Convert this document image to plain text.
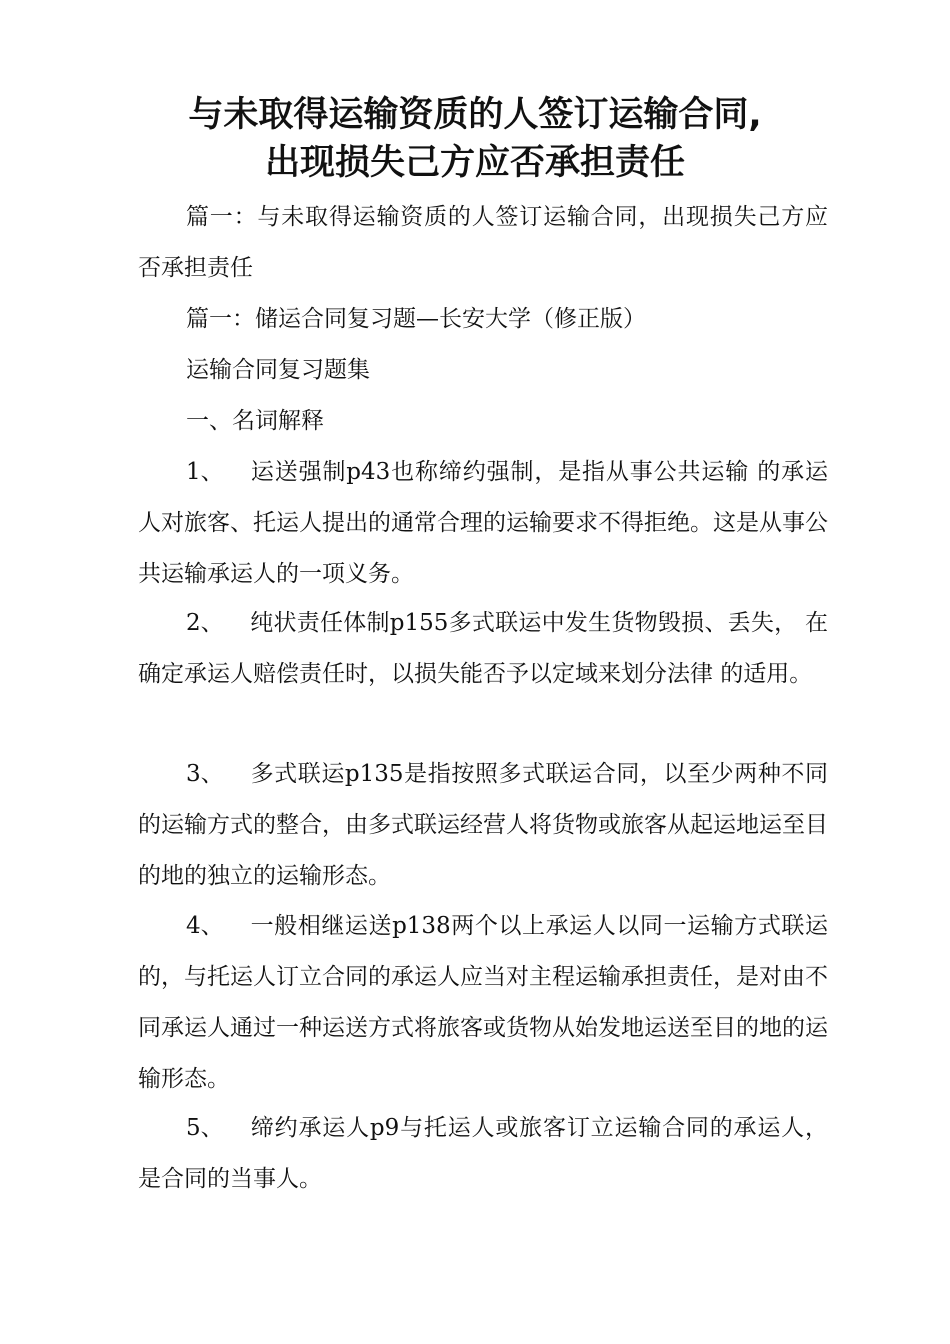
与未取得运输资质的人签订运输合同,
出现损失己方应否承担责任

篇一：与未取得运输资质的人签订运输合同，出现损失己方应否承担责任

篇一：储运合同复习题—长安大学（修正版）

运输合同复习题集

一、名词解释

1、 运送强制p43也称缔约强制，是指从事公共运输 的承运人对旅客、托运人提出的通常合理的运输要求不得拒绝。这是从事公共运输承运人的一项义务。

2、 纯状责任体制p155多式联运中发生货物毁损、丢失， 在确定承运人赔偿责任时，以损失能否予以定域来划分法律 的适用。

3、 多式联运p135是指按照多式联运合同，以至少两种不同的运输方式的整合，由多式联运经营人将货物或旅客从起运地运至目的地的独立的运输形态。

4、 一般相继运送p138两个以上承运人以同一运输方式联运的，与托运人订立合同的承运人应当对主程运输承担责任，是对由不同承运人通过一种运送方式将旅客或货物从始发地运送至目的地的运输形态。

5、 缔约承运人p9与托运人或旅客订立运输合同的承运人，是合同的当事人。
